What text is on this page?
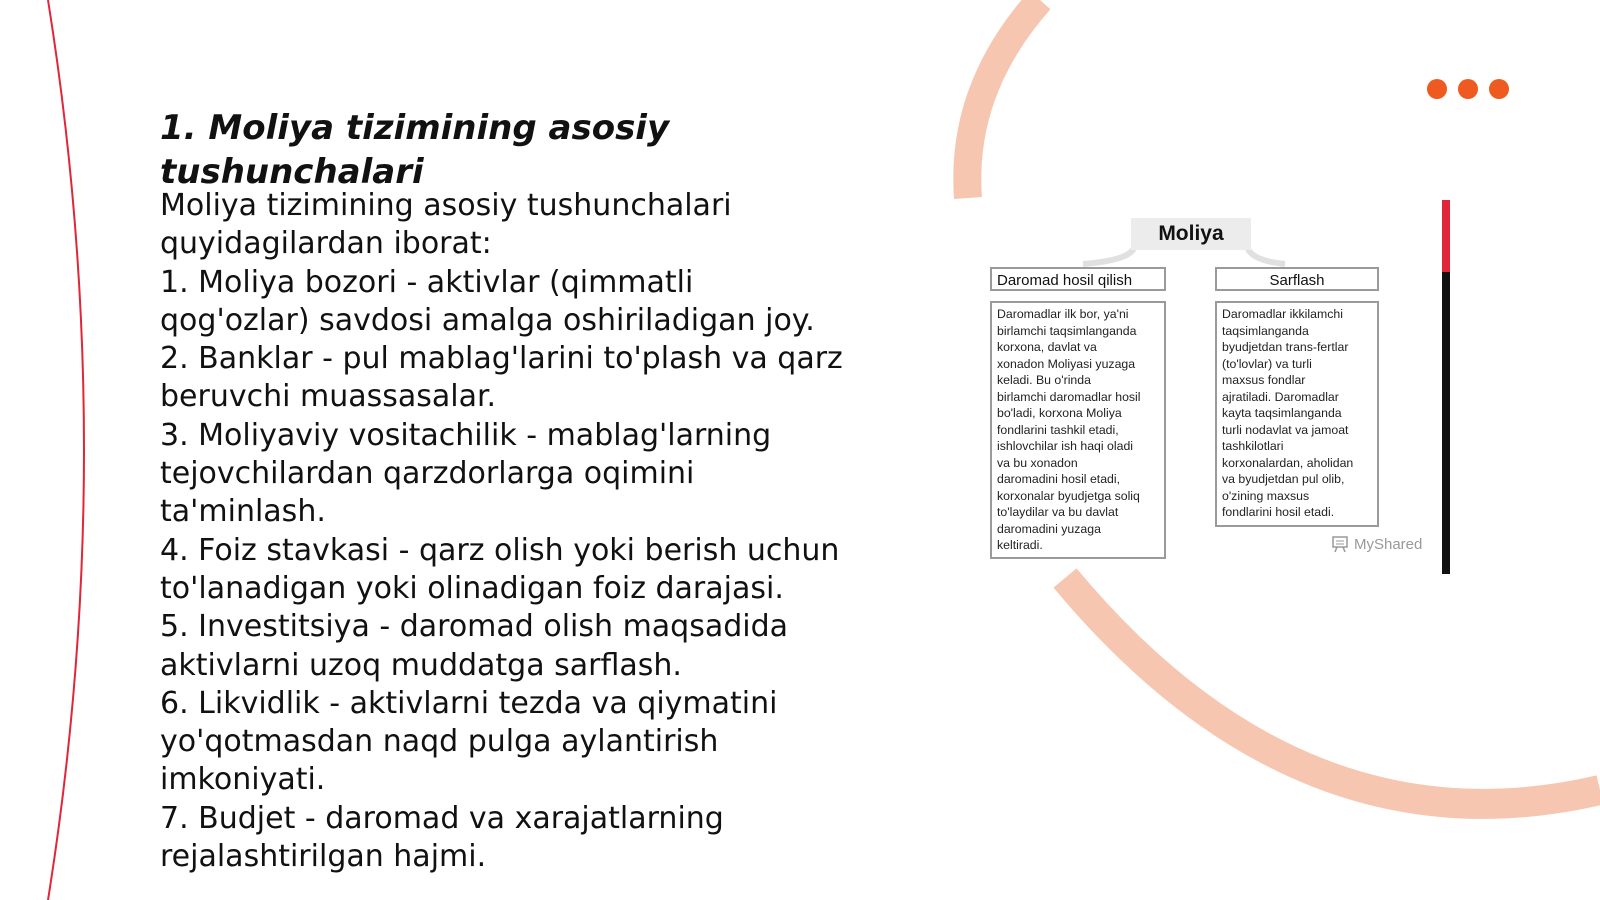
1. Moliya tizimining asosiy tushunchalari
Moliya tizimining asosiy tushunchalari
quyidagilardan iborat:
1. Moliya bozori - aktivlar (qimmatli
qog'ozlar) savdosi amalga oshiriladigan joy.
2. Banklar - pul mablag'larini to'plash va qarz
beruvchi muassasalar.
3. Moliyaviy vositachilik - mablag'larning
tejovchilardan qarzdorlarga oqimini
ta'minlash.
4. Foiz stavkasi - qarz olish yoki berish uchun
to'lanadigan yoki olinadigan foiz darajasi.
5. Investitsiya - daromad olish maqsadida
aktivlarni uzoq muddatga sarflash.
6. Likvidlik - aktivlarni tezda va qiymatini
yo'qotmasdan naqd pulga aylantirish
imkoniyati.
7. Budjet - daromad va xarajatlarning
rejalashtirilgan hajmi.
Moliya
Daromad hosil qilish	Sarflash
Daromadlar ilk bor, ya'ni
birlamchi taqsimlanganda
korxona, davlat va
xonadon Moliyasi yuzaga
keladi. Bu o'rinda
birlamchi daromadlar hosil
bo'ladi, korxona Moliya
fondlarini tashkil etadi,
ishlovchilar ish haqi oladi
va bu xonadon
daromadini hosil etadi,
korxonalar byudjetga soliq
to'laydilar va bu davlat
daromadini yuzaga
keltiradi.
Daromadlar ikkilamchi
taqsimlanganda
byudjetdan trans-fertlar
(to'lovlar) va turli
maxsus fondlar
ajratiladi. Daromadlar
kayta taqsimlanganda
turli nodavlat va jamoat
tashkilotlari
korxonalardan, aholidan
va byudjetdan pul olib,
o'zining maxsus
fondlarini hosil etadi.
MyShared
